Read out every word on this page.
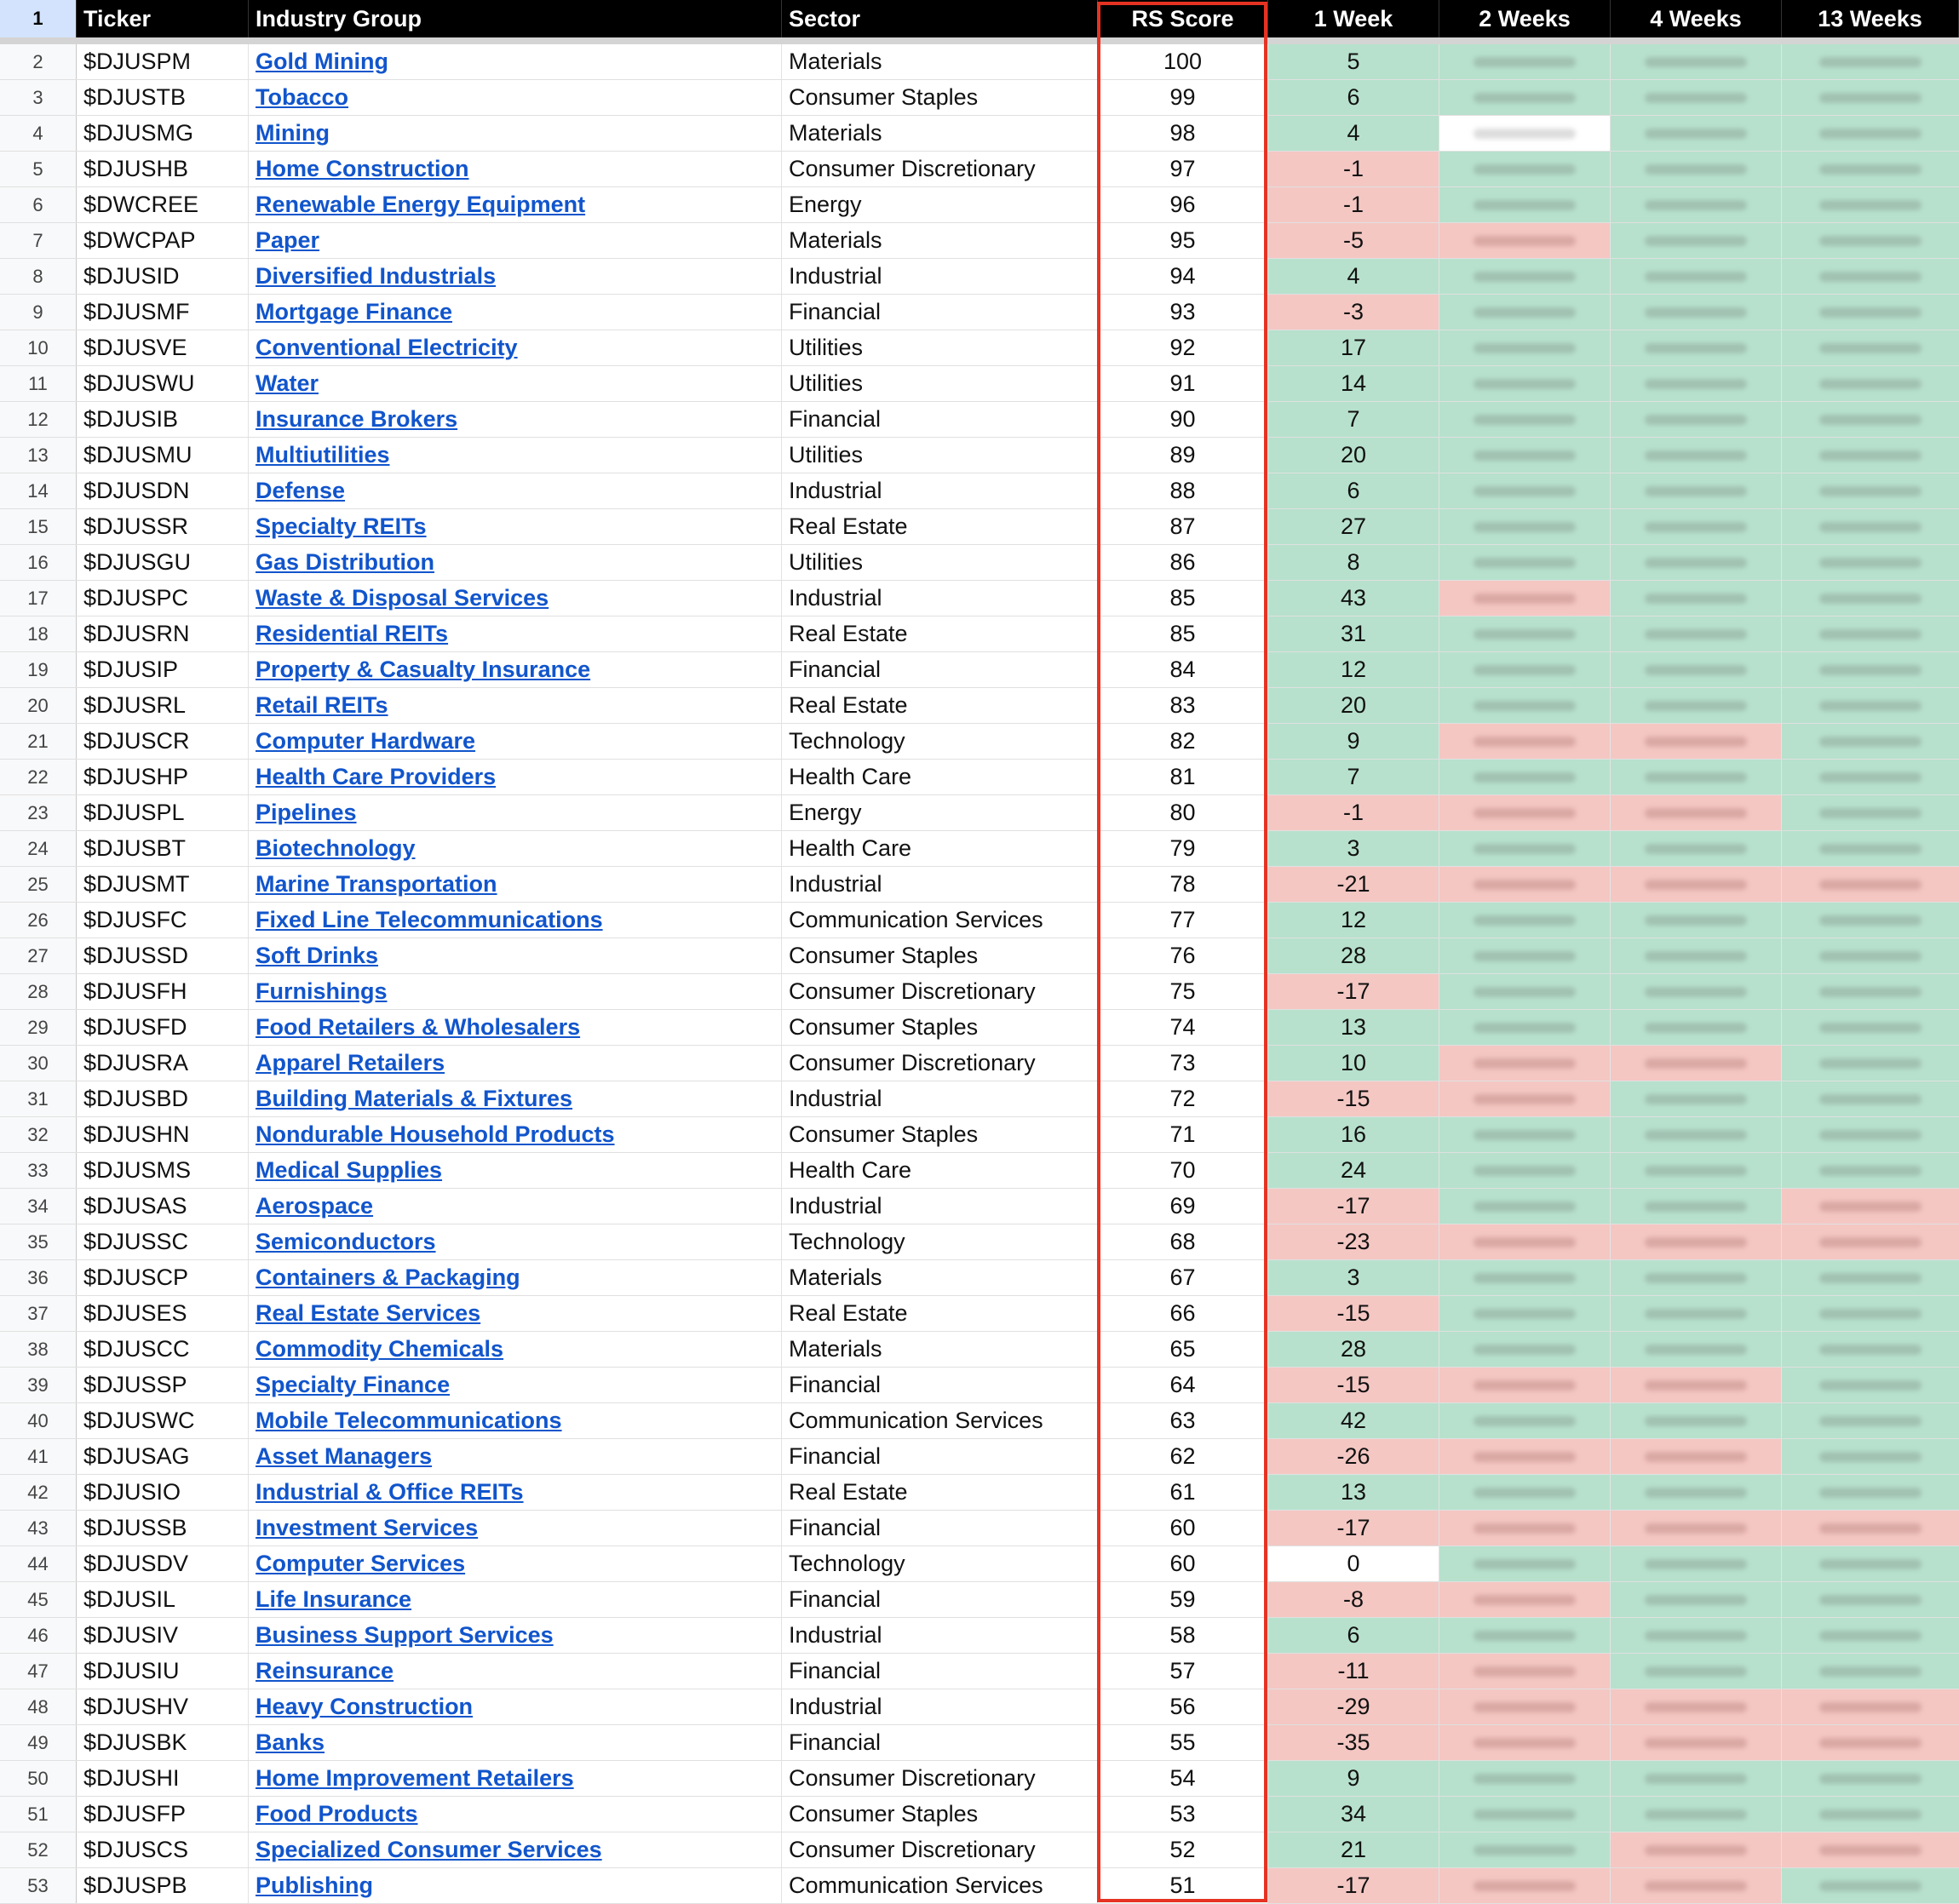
1	Ticker	Industry Group	Sector	RS Score	1 Week	2 Weeks	4 Weeks	13 Weeks
2	$DJUSPM	Gold Mining	Materials	100	5
3	$DJUSTB	Tobacco	Consumer Staples	99	6
4	$DJUSMG	Mining	Materials	98	4
5	$DJUSHB	Home Construction	Consumer Discretionary	97	-1
6	$DWCREE	Renewable Energy Equipment	Energy	96	-1
7	$DWCPAP	Paper	Materials	95	-5
8	$DJUSID	Diversified Industrials	Industrial	94	4
9	$DJUSMF	Mortgage Finance	Financial	93	-3
10	$DJUSVE	Conventional Electricity	Utilities	92	17
11	$DJUSWU	Water	Utilities	91	14
12	$DJUSIB	Insurance Brokers	Financial	90	7
13	$DJUSMU	Multiutilities	Utilities	89	20
14	$DJUSDN	Defense	Industrial	88	6
15	$DJUSSR	Specialty REITs	Real Estate	87	27
16	$DJUSGU	Gas Distribution	Utilities	86	8
17	$DJUSPC	Waste & Disposal Services	Industrial	85	43
18	$DJUSRN	Residential REITs	Real Estate	85	31
19	$DJUSIP	Property & Casualty Insurance	Financial	84	12
20	$DJUSRL	Retail REITs	Real Estate	83	20
21	$DJUSCR	Computer Hardware	Technology	82	9
22	$DJUSHP	Health Care Providers	Health Care	81	7
23	$DJUSPL	Pipelines	Energy	80	-1
24	$DJUSBT	Biotechnology	Health Care	79	3
25	$DJUSMT	Marine Transportation	Industrial	78	-21
26	$DJUSFC	Fixed Line Telecommunications	Communication Services	77	12
27	$DJUSSD	Soft Drinks	Consumer Staples	76	28
28	$DJUSFH	Furnishings	Consumer Discretionary	75	-17
29	$DJUSFD	Food Retailers & Wholesalers	Consumer Staples	74	13
30	$DJUSRA	Apparel Retailers	Consumer Discretionary	73	10
31	$DJUSBD	Building Materials & Fixtures	Industrial	72	-15
32	$DJUSHN	Nondurable Household Products	Consumer Staples	71	16
33	$DJUSMS	Medical Supplies	Health Care	70	24
34	$DJUSAS	Aerospace	Industrial	69	-17
35	$DJUSSC	Semiconductors	Technology	68	-23
36	$DJUSCP	Containers & Packaging	Materials	67	3
37	$DJUSES	Real Estate Services	Real Estate	66	-15
38	$DJUSCC	Commodity Chemicals	Materials	65	28
39	$DJUSSP	Specialty Finance	Financial	64	-15
40	$DJUSWC	Mobile Telecommunications	Communication Services	63	42
41	$DJUSAG	Asset Managers	Financial	62	-26
42	$DJUSIO	Industrial & Office REITs	Real Estate	61	13
43	$DJUSSB	Investment Services	Financial	60	-17
44	$DJUSDV	Computer Services	Technology	60	0
45	$DJUSIL	Life Insurance	Financial	59	-8
46	$DJUSIV	Business Support Services	Industrial	58	6
47	$DJUSIU	Reinsurance	Financial	57	-11
48	$DJUSHV	Heavy Construction	Industrial	56	-29
49	$DJUSBK	Banks	Financial	55	-35
50	$DJUSHI	Home Improvement Retailers	Consumer Discretionary	54	9
51	$DJUSFP	Food Products	Consumer Staples	53	34
52	$DJUSCS	Specialized Consumer Services	Consumer Discretionary	52	21
53	$DJUSPB	Publishing	Communication Services	51	-17
